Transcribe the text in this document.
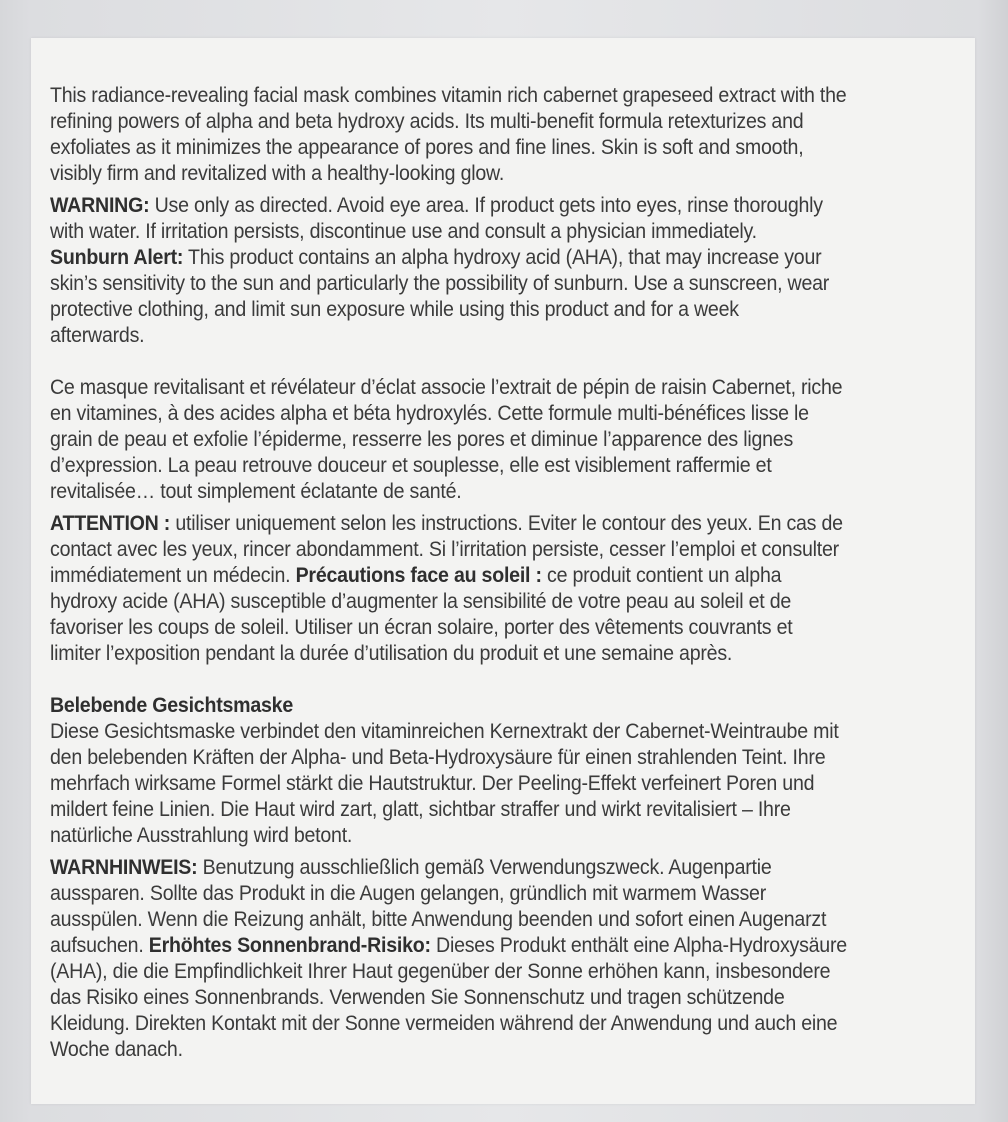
This radiance-revealing facial mask combines vitamin rich cabernet grapeseed extract with the
refining powers of alpha and beta hydroxy acids. Its multi-benefit formula retexturizes and
exfoliates as it minimizes the appearance of pores and fine lines. Skin is soft and smooth,
visibly firm and revitalized with a healthy-looking glow.

WARNING: Use only as directed. Avoid eye area. If product gets into eyes, rinse thoroughly
with water. If irritation persists, discontinue use and consult a physician immediately.
Sunburn Alert: This product contains an alpha hydroxy acid (AHA), that may increase your
skin’s sensitivity to the sun and particularly the possibility of sunburn. Use a sunscreen, wear
protective clothing, and limit sun exposure while using this product and for a week
afterwards.

Ce masque revitalisant et révélateur d’éclat associe l’extrait de pépin de raisin Cabernet, riche
en vitamines, à des acides alpha et béta hydroxylés. Cette formule multi-bénéfices lisse le
grain de peau et exfolie l’épiderme, resserre les pores et diminue l’apparence des lignes
d’expression. La peau retrouve douceur et souplesse, elle est visiblement raffermie et
revitalisée… tout simplement éclatante de santé.

ATTENTION : utiliser uniquement selon les instructions. Eviter le contour des yeux. En cas de
contact avec les yeux, rincer abondamment. Si l’irritation persiste, cesser l’emploi et consulter
immédiatement un médecin. Précautions face au soleil : ce produit contient un alpha
hydroxy acide (AHA) susceptible d’augmenter la sensibilité de votre peau au soleil et de
favoriser les coups de soleil. Utiliser un écran solaire, porter des vêtements couvrants et
limiter l’exposition pendant la durée d’utilisation du produit et une semaine après.

Belebende Gesichtsmaske
Diese Gesichtsmaske verbindet den vitaminreichen Kernextrakt der Cabernet-Weintraube mit
den belebenden Kräften der Alpha- und Beta-Hydroxysäure für einen strahlenden Teint. Ihre
mehrfach wirksame Formel stärkt die Hautstruktur. Der Peeling-Effekt verfeinert Poren und
mildert feine Linien. Die Haut wird zart, glatt, sichtbar straffer und wirkt revitalisiert – Ihre
natürliche Ausstrahlung wird betont.

WARNHINWEIS: Benutzung ausschließlich gemäß Verwendungszweck. Augenpartie
aussparen. Sollte das Produkt in die Augen gelangen, gründlich mit warmem Wasser
ausspülen. Wenn die Reizung anhält, bitte Anwendung beenden und sofort einen Augenarzt
aufsuchen. Erhöhtes Sonnenbrand-Risiko: Dieses Produkt enthält eine Alpha-Hydroxysäure
(AHA), die die Empfindlichkeit Ihrer Haut gegenüber der Sonne erhöhen kann, insbesondere
das Risiko eines Sonnenbrands. Verwenden Sie Sonnenschutz und tragen schützende
Kleidung. Direkten Kontakt mit der Sonne vermeiden während der Anwendung und auch eine
Woche danach.
